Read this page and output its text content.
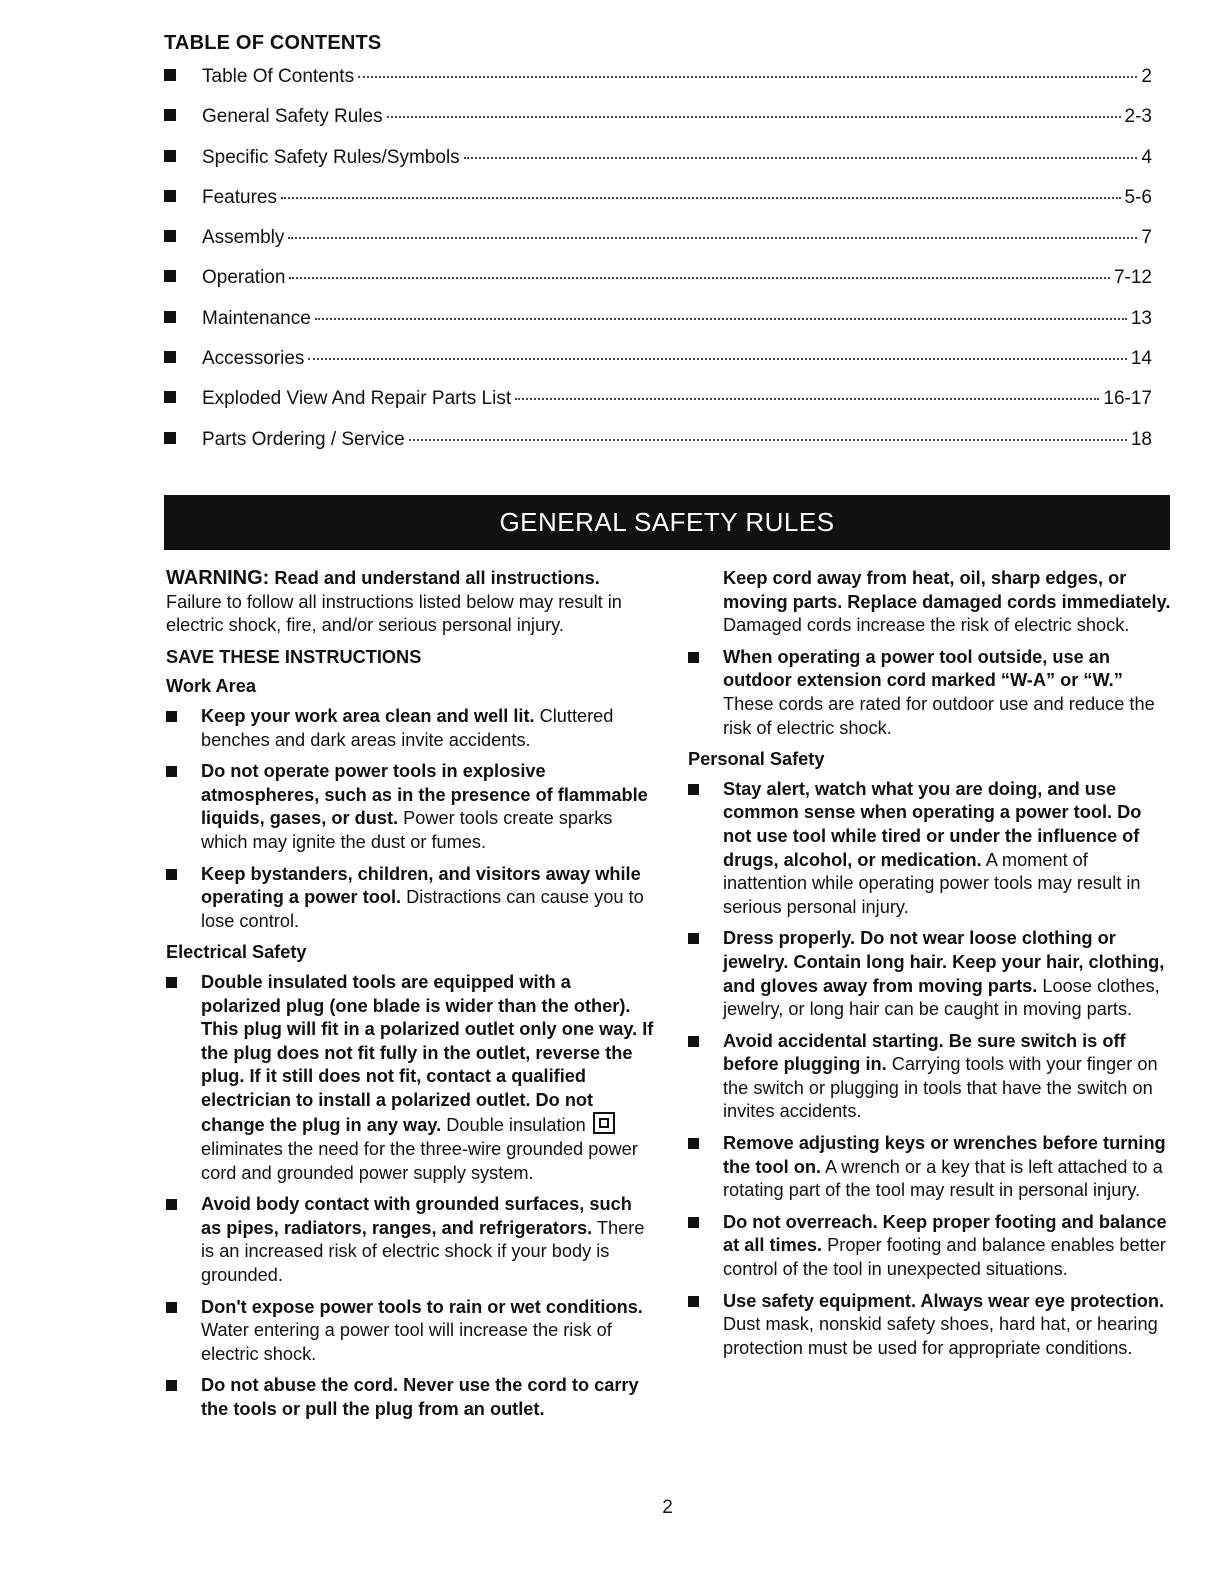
TABLE OF CONTENTS
Table Of Contents	2
General Safety Rules	2-3
Specific Safety Rules/Symbols	4
Features	5-6
Assembly	7
Operation	7-12
Maintenance	13
Accessories	14
Exploded View And Repair Parts List	16-17
Parts Ordering / Service	18
GENERAL SAFETY RULES
WARNING: Read and understand all instructions. Failure to follow all instructions listed below may result in electric shock, fire, and/or serious personal injury.
SAVE THESE INSTRUCTIONS
Work Area
Keep your work area clean and well lit. Cluttered benches and dark areas invite accidents.
Do not operate power tools in explosive atmospheres, such as in the presence of flammable liquids, gases, or dust. Power tools create sparks which may ignite the dust or fumes.
Keep bystanders, children, and visitors away while operating a power tool. Distractions can cause you to lose control.
Electrical Safety
Double insulated tools are equipped with a polarized plug (one blade is wider than the other). This plug will fit in a polarized outlet only one way. If the plug does not fit fully in the outlet, reverse the plug. If it still does not fit, contact a qualified electrician to install a polarized outlet. Do not change the plug in any way. Double insulation  eliminates the need for the three-wire grounded power cord and grounded power supply system.
Avoid body contact with grounded surfaces, such as pipes, radiators, ranges, and refrigerators. There is an increased risk of electric shock if your body is grounded.
Don't expose power tools to rain or wet conditions. Water entering a power tool will increase the risk of electric shock.
Do not abuse the cord. Never use the cord to carry the tools or pull the plug from an outlet.
Keep cord away from heat, oil, sharp edges, or moving parts. Replace damaged cords immediately. Damaged cords increase the risk of electric shock.
When operating a power tool outside, use an outdoor extension cord marked “W-A” or “W.” These cords are rated for outdoor use and reduce the risk of electric shock.
Personal Safety
Stay alert, watch what you are doing, and use common sense when operating a power tool. Do not use tool while tired or under the influence of drugs, alcohol, or medication. A moment of inattention while operating power tools may result in serious personal injury.
Dress properly. Do not wear loose clothing or jewelry. Contain long hair. Keep your hair, clothing, and gloves away from moving parts. Loose clothes, jewelry, or long hair can be caught in moving parts.
Avoid accidental starting. Be sure switch is off before plugging in. Carrying tools with your finger on the switch or plugging in tools that have the switch on invites accidents.
Remove adjusting keys or wrenches before turning the tool on. A wrench or a key that is left attached to a rotating part of the tool may result in personal injury.
Do not overreach. Keep proper footing and balance at all times. Proper footing and balance enables better control of the tool in unexpected situations.
Use safety equipment. Always wear eye protection. Dust mask, nonskid safety shoes, hard hat, or hearing protection must be used for appropriate conditions.
2
